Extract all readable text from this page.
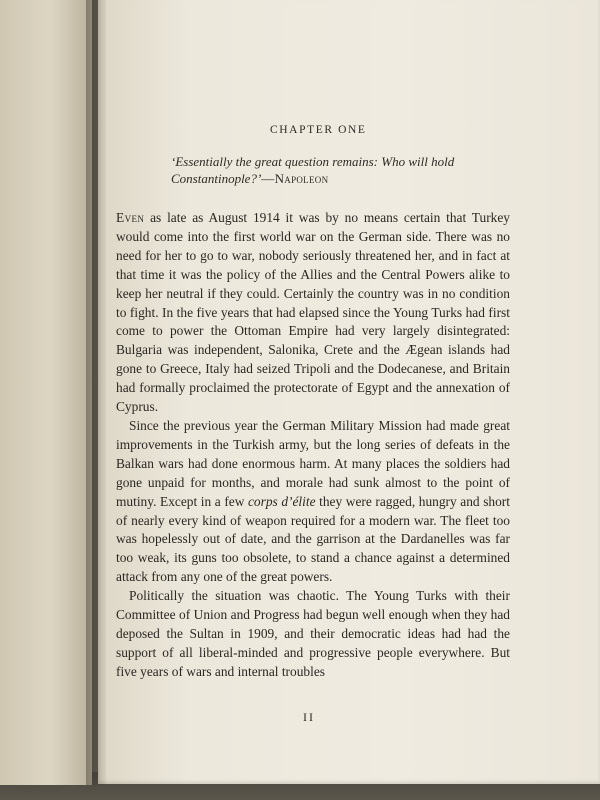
CHAPTER ONE
‘Essentially the great question remains: Who will hold Constantinople?’—Napoleon

Even as late as August 1914 it was by no means certain that Turkey would come into the first world war on the German side. There was no need for her to go to war, nobody seriously threatened her, and in fact at that time it was the policy of the Allies and the Central Powers alike to keep her neutral if they could. Certainly the country was in no condition to fight. In the five years that had elapsed since the Young Turks had first come to power the Ottoman Empire had very largely disintegrated: Bulgaria was independent, Salonika, Crete and the Ægean islands had gone to Greece, Italy had seized Tripoli and the Dodecanese, and Britain had formally proclaimed the protectorate of Egypt and the annexation of Cyprus.

Since the previous year the German Military Mission had made great improvements in the Turkish army, but the long series of defeats in the Balkan wars had done enormous harm. At many places the soldiers had gone unpaid for months, and morale had sunk almost to the point of mutiny. Except in a few corps d’élite they were ragged, hungry and short of nearly every kind of weapon required for a modern war. The fleet too was hopelessly out of date, and the garrison at the Dardanelles was far too weak, its guns too obsolete, to stand a chance against a determined attack from any one of the great powers.

Politically the situation was chaotic. The Young Turks with their Committee of Union and Progress had begun well enough when they had deposed the Sultan in 1909, and their democratic ideas had had the support of all liberal-minded and progressive people everywhere. But five years of wars and internal troubles

II
